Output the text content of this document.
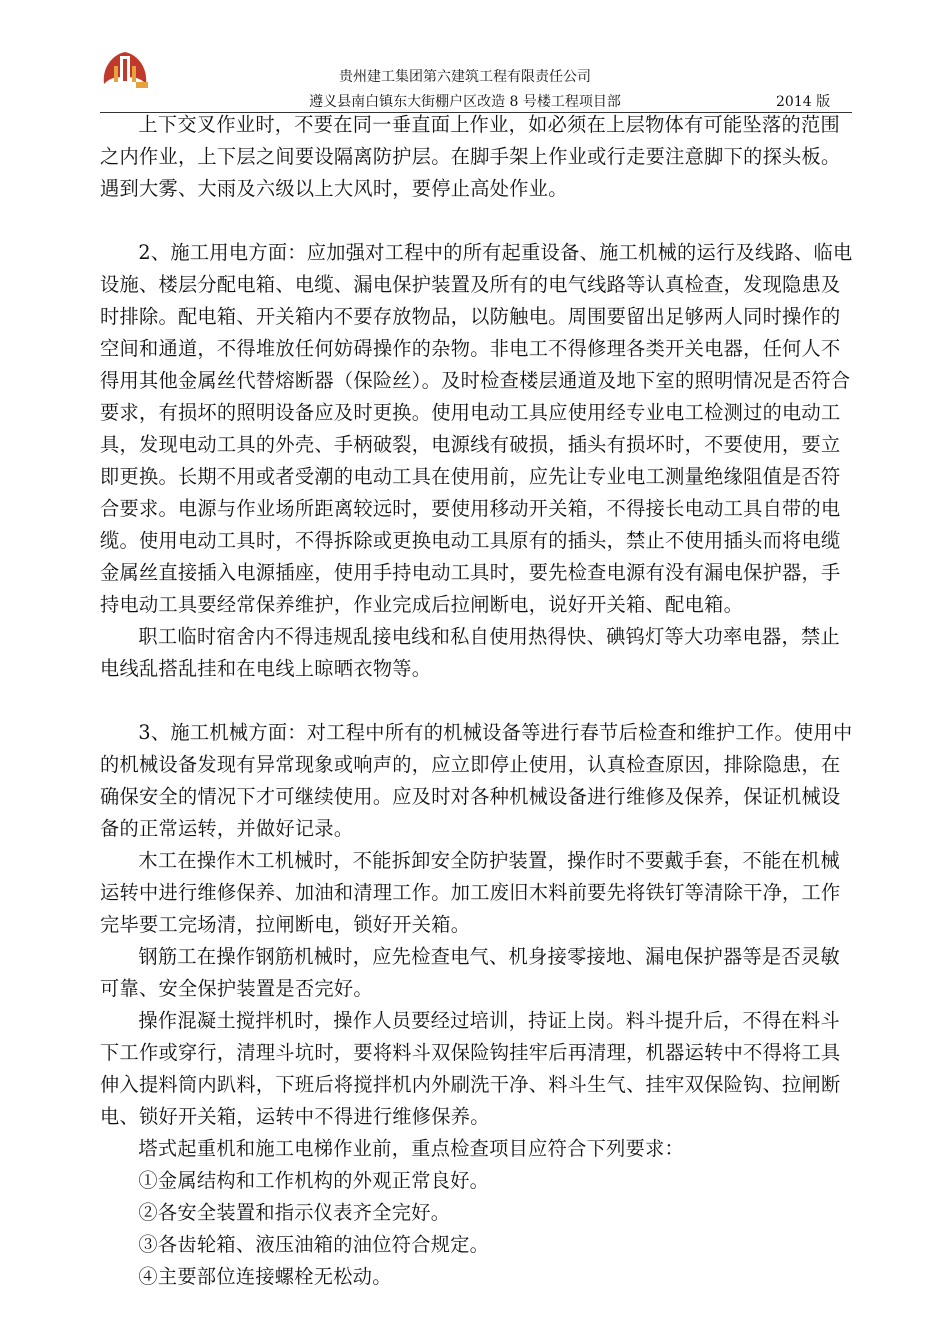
贵州建工集团第六建筑工程有限责任公司
遵义县南白镇东大街棚户区改造 8 号楼工程项目部	2014 版

上下交叉作业时，不要在同一垂直面上作业，如必须在上层物体有可能坠落的范围之内作业，上下层之间要设隔离防护层。在脚手架上作业或行走要注意脚下的探头板。遇到大雾、大雨及六级以上大风时，要停止高处作业。

2、施工用电方面：应加强对工程中的所有起重设备、施工机械的运行及线路、临电设施、楼层分配电箱、电缆、漏电保护装置及所有的电气线路等认真检查，发现隐患及时排除。配电箱、开关箱内不要存放物品，以防触电。周围要留出足够两人同时操作的空间和通道，不得堆放任何妨碍操作的杂物。非电工不得修理各类开关电器，任何人不得用其他金属丝代替熔断器（保险丝）。及时检查楼层通道及地下室的照明情况是否符合要求，有损坏的照明设备应及时更换。使用电动工具应使用经专业电工检测过的电动工具，发现电动工具的外壳、手柄破裂，电源线有破损，插头有损坏时，不要使用，要立即更换。长期不用或者受潮的电动工具在使用前，应先让专业电工测量绝缘阻值是否符合要求。电源与作业场所距离较远时，要使用移动开关箱，不得接长电动工具自带的电缆。使用电动工具时，不得拆除或更换电动工具原有的插头，禁止不使用插头而将电缆金属丝直接插入电源插座，使用手持电动工具时，要先检查电源有没有漏电保护器，手持电动工具要经常保养维护，作业完成后拉闸断电，说好开关箱、配电箱。

职工临时宿舍内不得违规乱接电线和私自使用热得快、碘钨灯等大功率电器，禁止电线乱搭乱挂和在电线上晾晒衣物等。

3、施工机械方面：对工程中所有的机械设备等进行春节后检查和维护工作。使用中的机械设备发现有异常现象或响声的，应立即停止使用，认真检查原因，排除隐患，在确保安全的情况下才可继续使用。应及时对各种机械设备进行维修及保养，保证机械设备的正常运转，并做好记录。

木工在操作木工机械时，不能拆卸安全防护装置，操作时不要戴手套，不能在机械运转中进行维修保养、加油和清理工作。加工废旧木料前要先将铁钉等清除干净，工作完毕要工完场清，拉闸断电，锁好开关箱。

钢筋工在操作钢筋机械时，应先检查电气、机身接零接地、漏电保护器等是否灵敏可靠、安全保护装置是否完好。

操作混凝土搅拌机时，操作人员要经过培训，持证上岗。料斗提升后，不得在料斗下工作或穿行，清理斗坑时，要将料斗双保险钩挂牢后再清理，机器运转中不得将工具伸入提料筒内趴料，下班后将搅拌机内外刷洗干净、料斗生气、挂牢双保险钩、拉闸断电、锁好开关箱，运转中不得进行维修保养。

塔式起重机和施工电梯作业前，重点检查项目应符合下列要求：

①金属结构和工作机构的外观正常良好。

②各安全装置和指示仪表齐全完好。

③各齿轮箱、液压油箱的油位符合规定。

④主要部位连接螺栓无松动。
